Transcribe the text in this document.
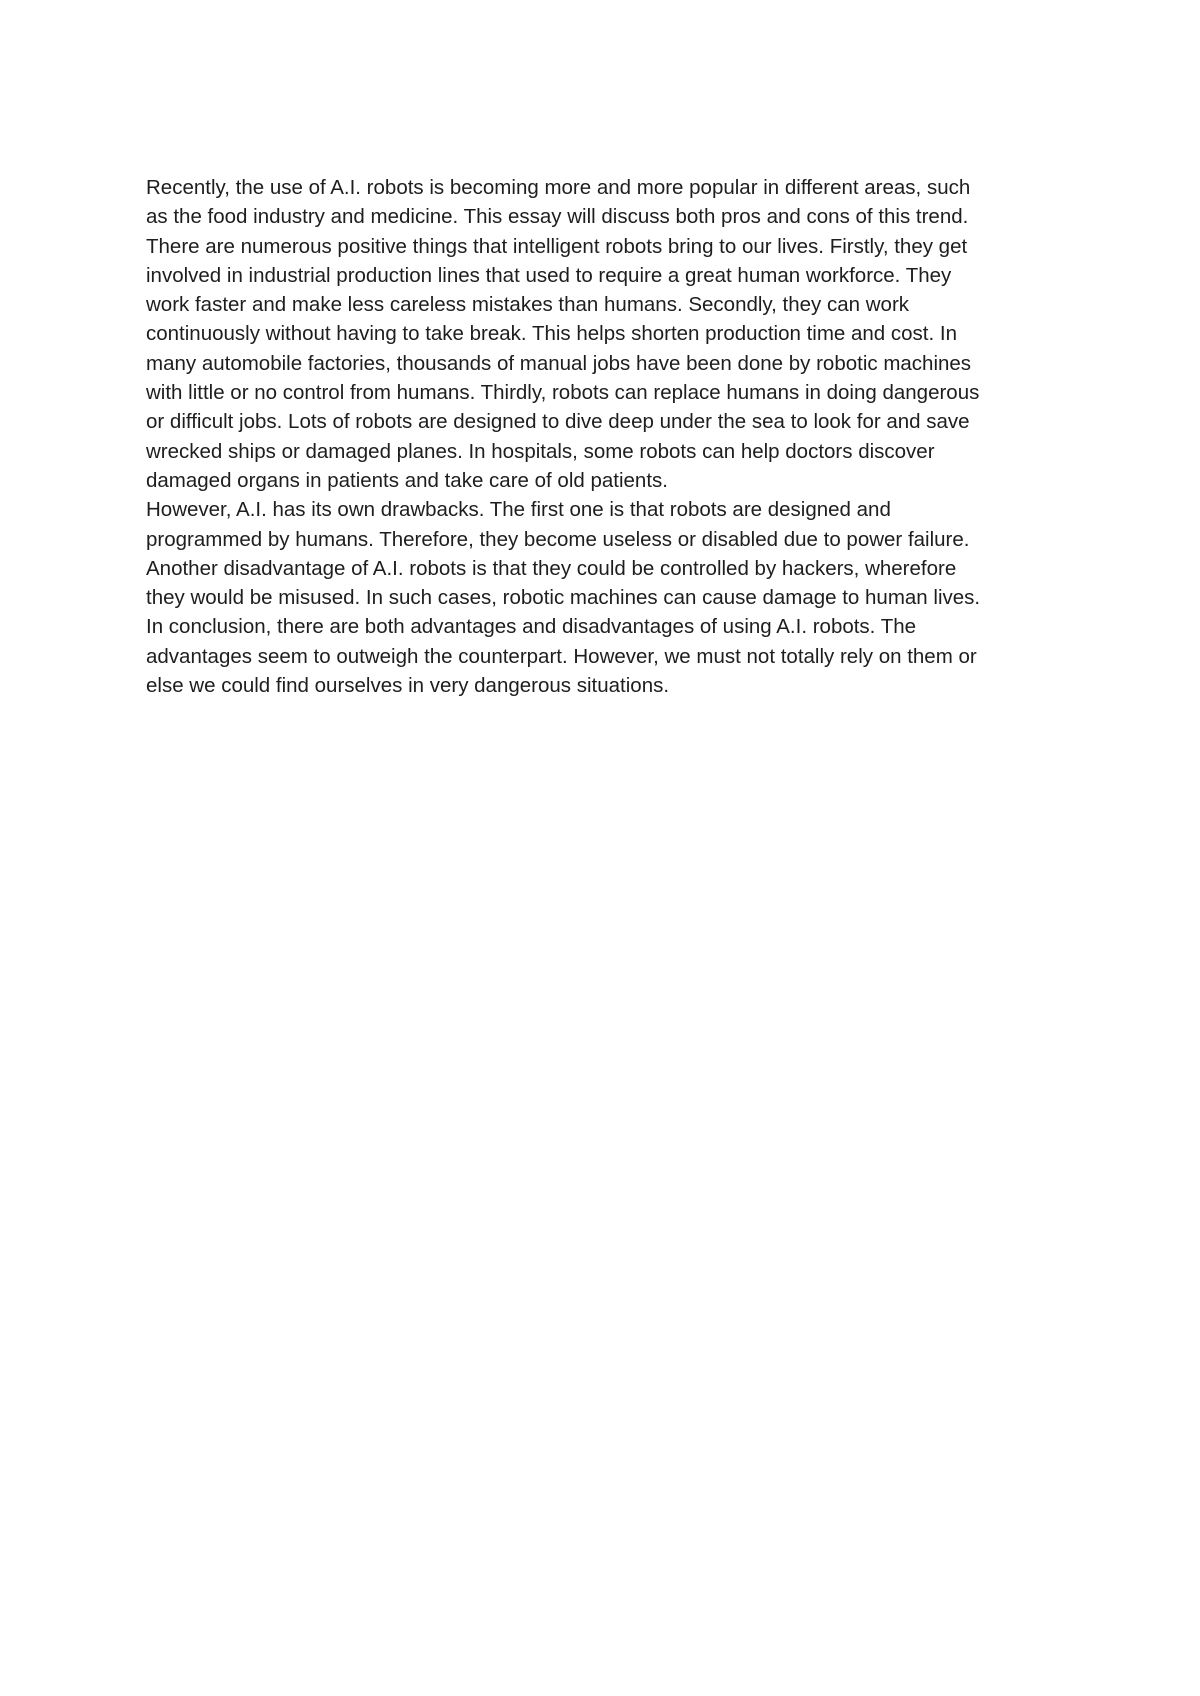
Recently, the use of A.I. robots is becoming more and more popular in different areas, such
as the food industry and medicine. This essay will discuss both pros and cons of this trend.
There are numerous positive things that intelligent robots bring to our lives. Firstly, they get
involved in industrial production lines that used to require a great human workforce. They
work faster and make less careless mistakes than humans. Secondly, they can work
continuously without having to take break. This helps shorten production time and cost. In
many automobile factories, thousands of manual jobs have been done by robotic machines
with little or no control from humans. Thirdly, robots can replace humans in doing dangerous
or difficult jobs. Lots of robots are designed to dive deep under the sea to look for and save
wrecked ships or damaged planes. In hospitals, some robots can help doctors discover
damaged organs in patients and take care of old patients.
However, A.I. has its own drawbacks. The first one is that robots are designed and
programmed by humans. Therefore, they become useless or disabled due to power failure.
Another disadvantage of A.I. robots is that they could be controlled by hackers, wherefore
they would be misused. In such cases, robotic machines can cause damage to human lives.
In conclusion, there are both advantages and disadvantages of using A.I. robots. The
advantages seem to outweigh the counterpart. However, we must not totally rely on them or
else we could find ourselves in very dangerous situations.
